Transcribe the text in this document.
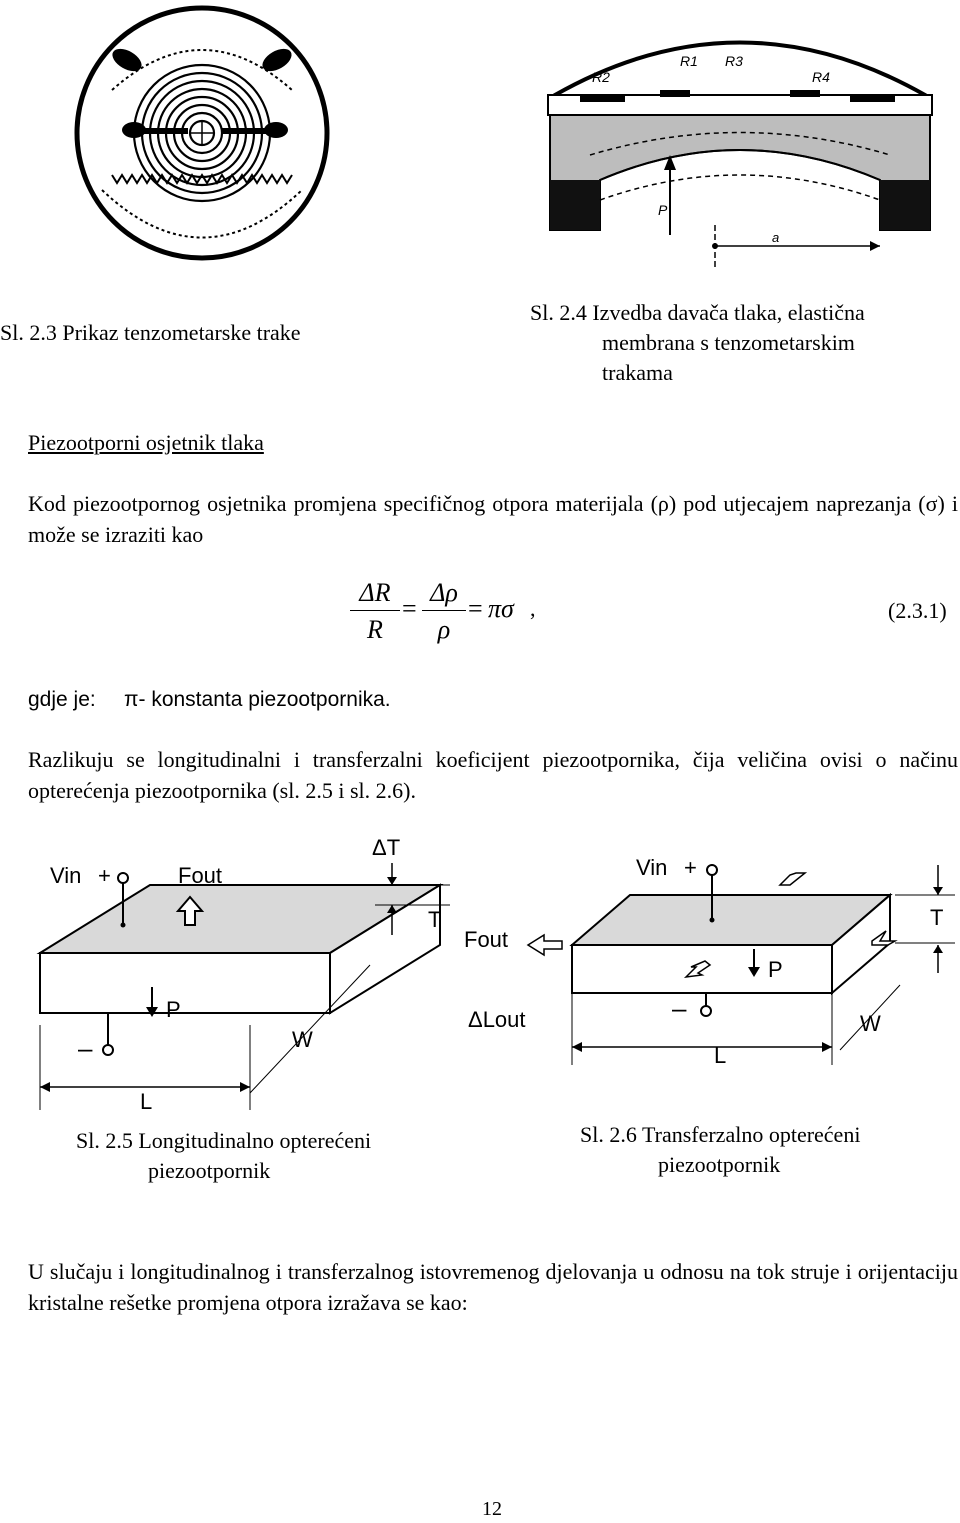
R2
R1 R3
R4
P
a
Sl. 2.3 Prikaz tenzometarske trake
Sl. 2.4 Izvedba davača tlaka, elastična
membrana s tenzometarskim
trakama
Piezootporni osjetnik tlaka
Kod piezootpornog osjetnika promjena specifičnog otpora materijala (ρ) pod utjecajem naprezanja (σ) i može se izraziti kao
$\frac{\Delta R}{R} = \frac{\Delta\rho}{\rho} = \pi\sigma$ ,	(2.3.1)
gdje je: π- konstanta piezootpornika.
Razlikuju se longitudinalni i transferzalni koeficijent piezootpornika, čija veličina ovisi o načinu opterećenja piezootpornika (sl. 2.5 i sl. 2.6).
Vin +	Fout
ΔT
T
P
–	W
L
Vin +
T
Fout
P
ΔLout	–
W
L
Sl. 2.5 Longitudinalno opterećeni
piezootpornik
Sl. 2.6 Transferzalno opterećeni
piezootpornik
U slučaju i longitudinalnog i transferzalnog istovremenog djelovanja u odnosu na tok struje i orijentaciju kristalne rešetke promjena otpora izražava se kao:
12
